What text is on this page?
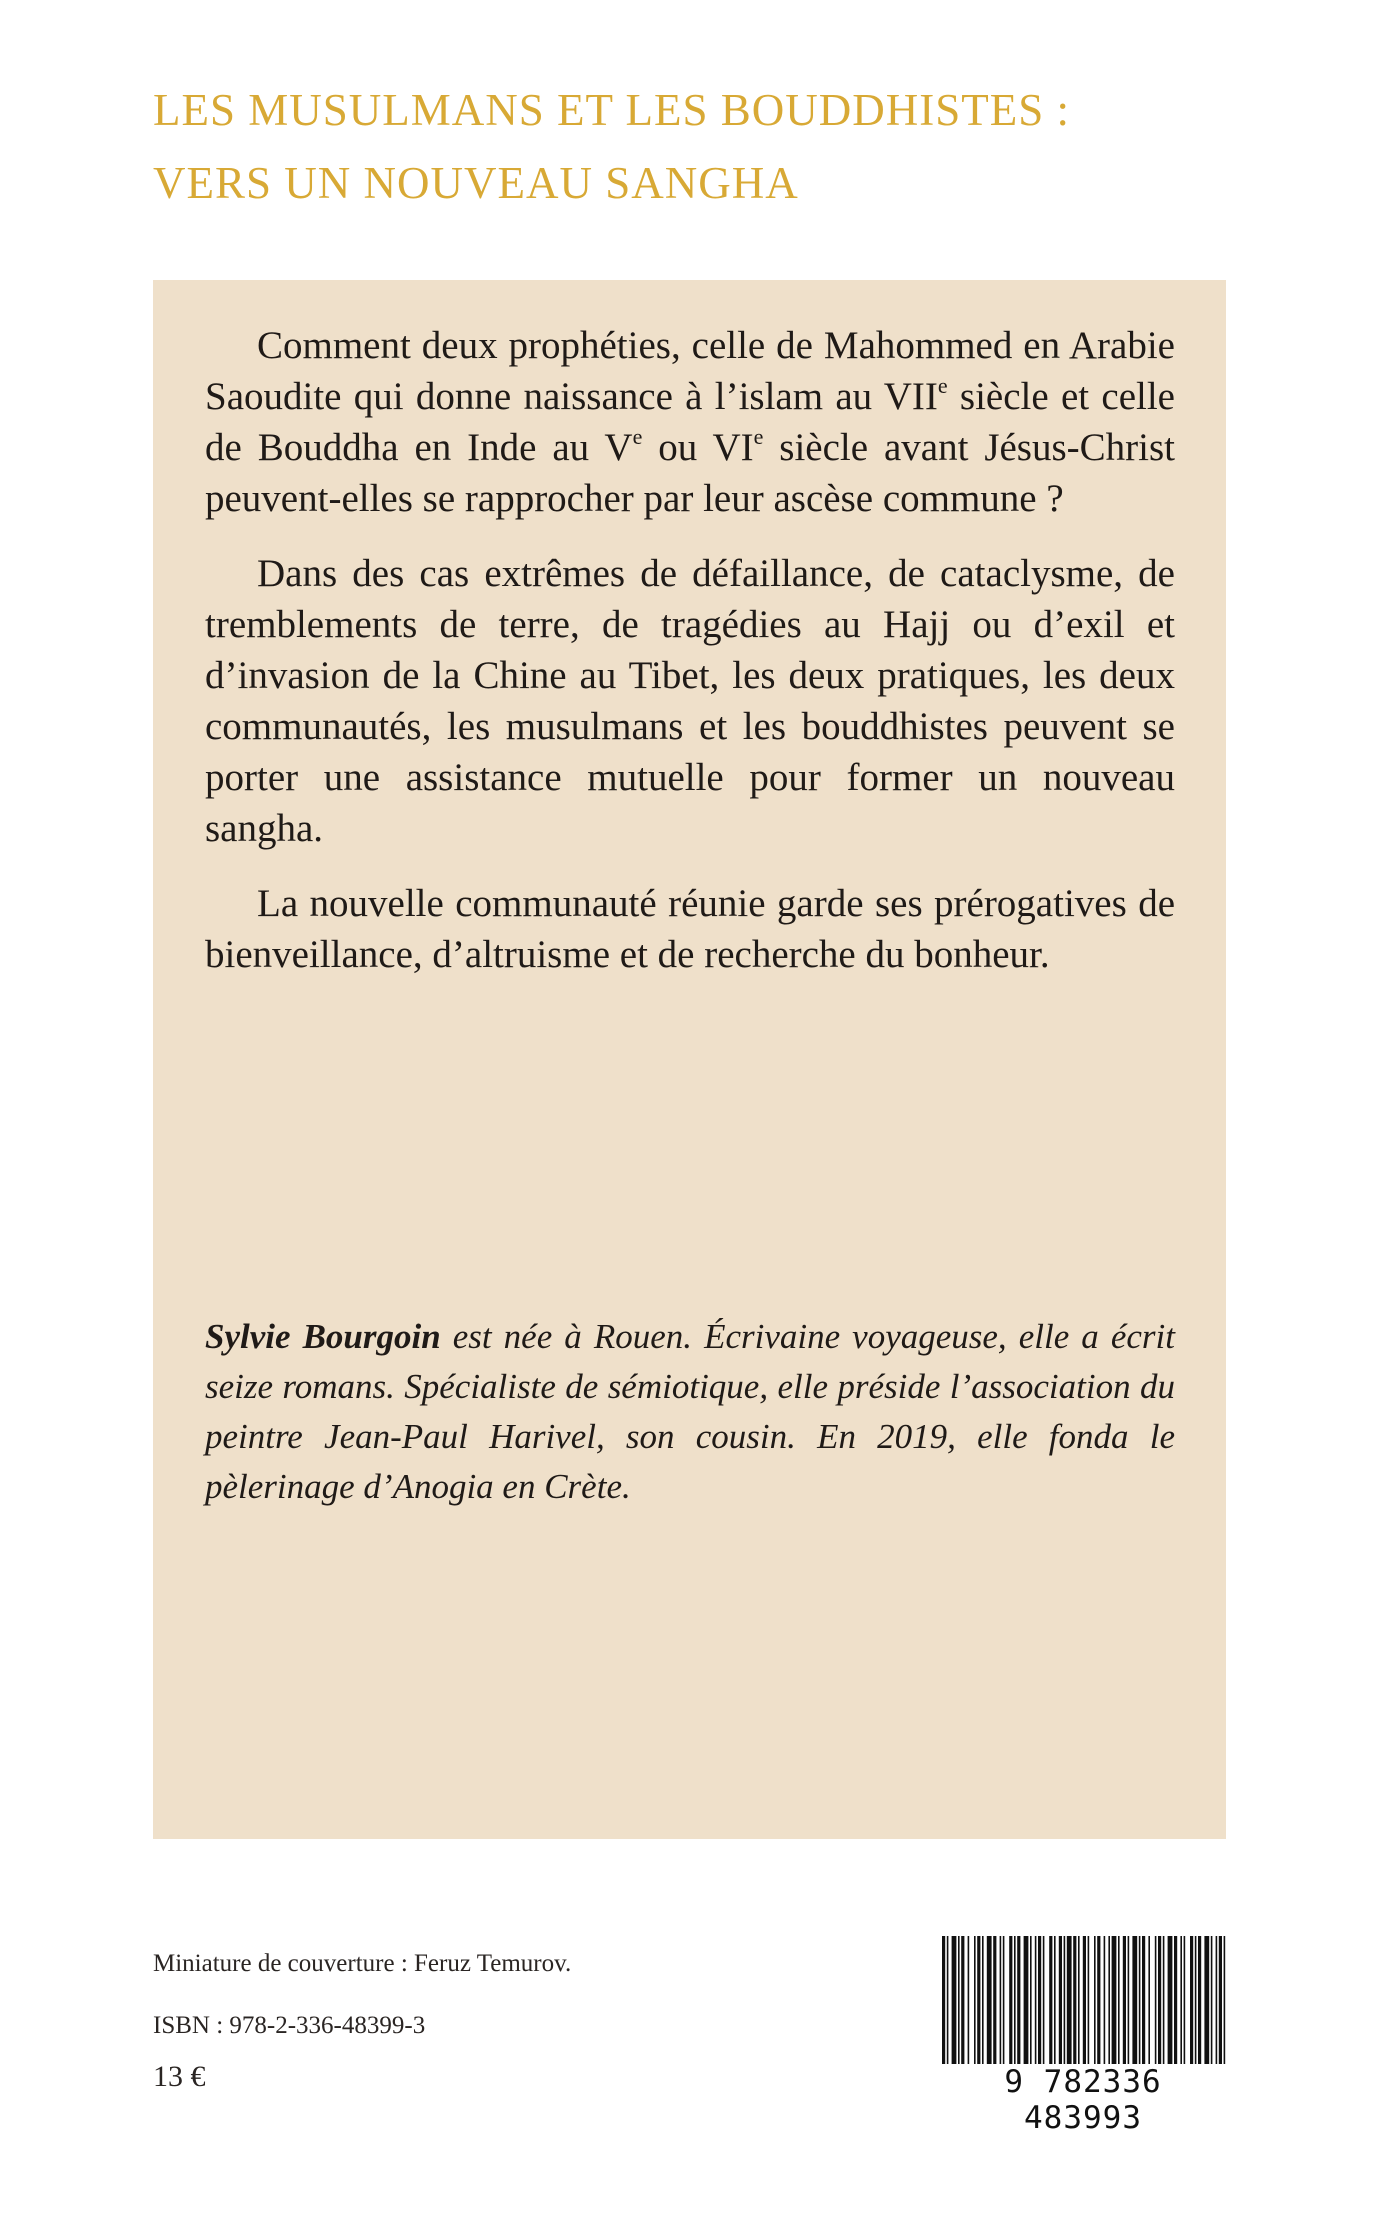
LES MUSULMANS ET LES BOUDDHISTES :
VERS UN NOUVEAU SANGHA

Comment deux prophéties, celle de Mahommed en Arabie Saoudite qui donne naissance à l’islam au VIIe siècle et celle de Bouddha en Inde au Ve ou VIe siècle avant Jésus-Christ peuvent-elles se rapprocher par leur ascèse commune ?

Dans des cas extrêmes de défaillance, de cataclysme, de tremblements de terre, de tragédies au Hajj ou d’exil et d’invasion de la Chine au Tibet, les deux pratiques, les deux communautés, les musulmans et les bouddhistes peuvent se porter une assistance mutuelle pour former un nouveau sangha.

La nouvelle communauté réunie garde ses prérogatives de bienveillance, d’altruisme et de recherche du bonheur.

Sylvie Bourgoin est née à Rouen. Écrivaine voyageuse, elle a écrit seize romans. Spécialiste de sémiotique, elle préside l’association du peintre Jean-Paul Harivel, son cousin. En 2019, elle fonda le pèlerinage d’Anogia en Crète.
Miniature de couverture : Feruz Temurov.
ISBN : 978-2-336-48399-3
13 €	9 782336 483993
